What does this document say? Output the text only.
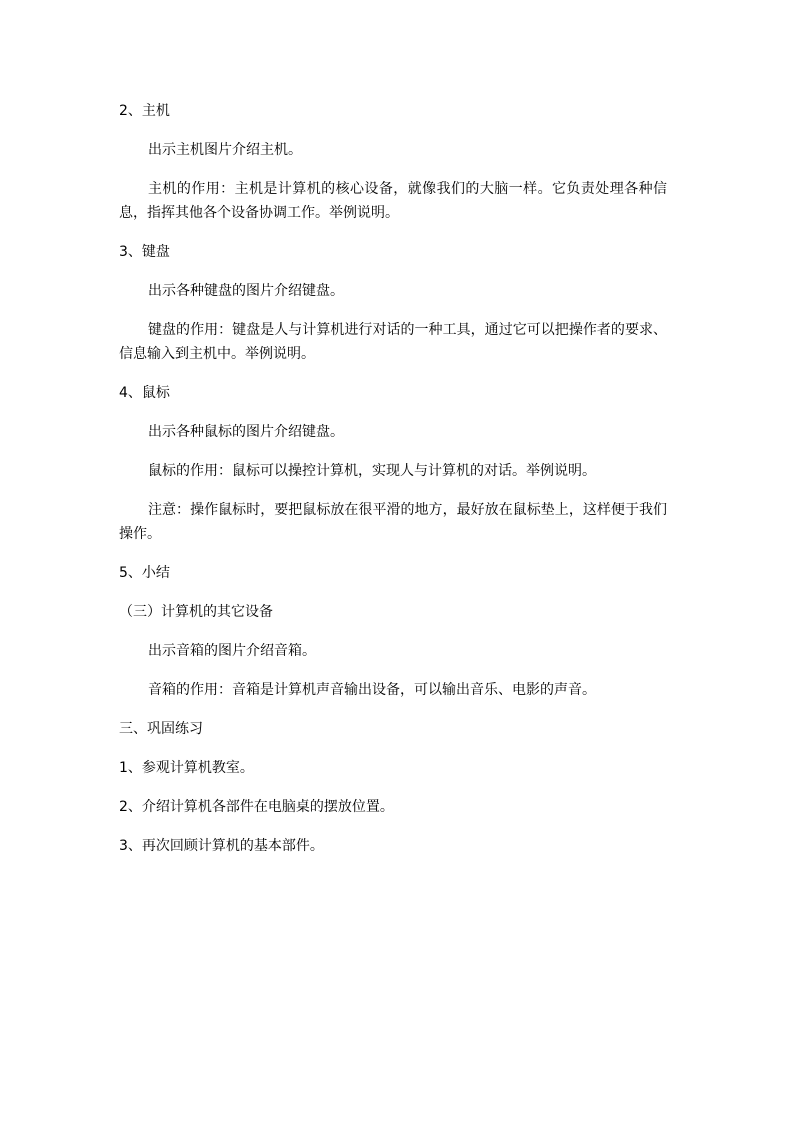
2、主机

出示主机图片介绍主机。

主机的作用：主机是计算机的核心设备，就像我们的大脑一样。它负责处理各种信息，指挥其他各个设备协调工作。举例说明。

3、键盘

出示各种键盘的图片介绍键盘。

键盘的作用：键盘是人与计算机进行对话的一种工具，通过它可以把操作者的要求、信息输入到主机中。举例说明。

4、鼠标

出示各种鼠标的图片介绍键盘。

鼠标的作用：鼠标可以操控计算机，实现人与计算机的对话。举例说明。

注意：操作鼠标时，要把鼠标放在很平滑的地方，最好放在鼠标垫上，这样便于我们操作。

5、小结

（三）计算机的其它设备

出示音箱的图片介绍音箱。

音箱的作用：音箱是计算机声音输出设备，可以输出音乐、电影的声音。

三、巩固练习

1、参观计算机教室。

2、介绍计算机各部件在电脑桌的摆放位置。

3、再次回顾计算机的基本部件。
